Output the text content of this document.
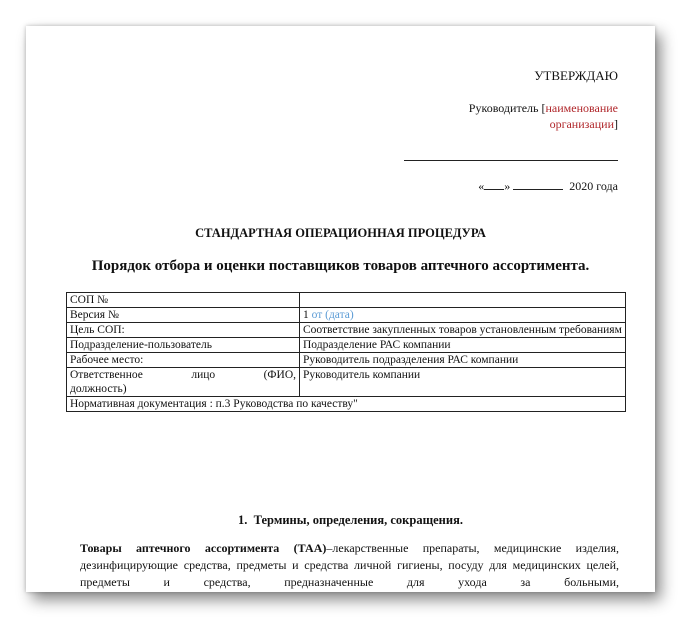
УТВЕРЖДАЮ
Руководитель [наименование организации]
« »	2020 года
СТАНДАРТНАЯ ОПЕРАЦИОННАЯ ПРОЦЕДУРА
Порядок отбора и оценки поставщиков товаров аптечного ассортимента.
СОП №	
Версия №	1 от (дата)
Цель СОП:	Соответствие закупленных товаров установленным требованиям
Подразделение-пользователь	Подразделение РАС компании
Рабочее место:	Руководитель подразделения РАС компании

Ответственное лицо (ФИО,
должность)	Руководитель компании
Нормативная документация : п.3 Руководства по качеству"	
1. Термины, определения, сокращения.
Товары аптечного ассортимента (ТАА)–лекарственные препараты, медицинские изделия, дезинфицирующие средства, предметы и средства личной гигиены, посуду для медицинских целей, предметы и средства, предназначенные для ухода за больными,
